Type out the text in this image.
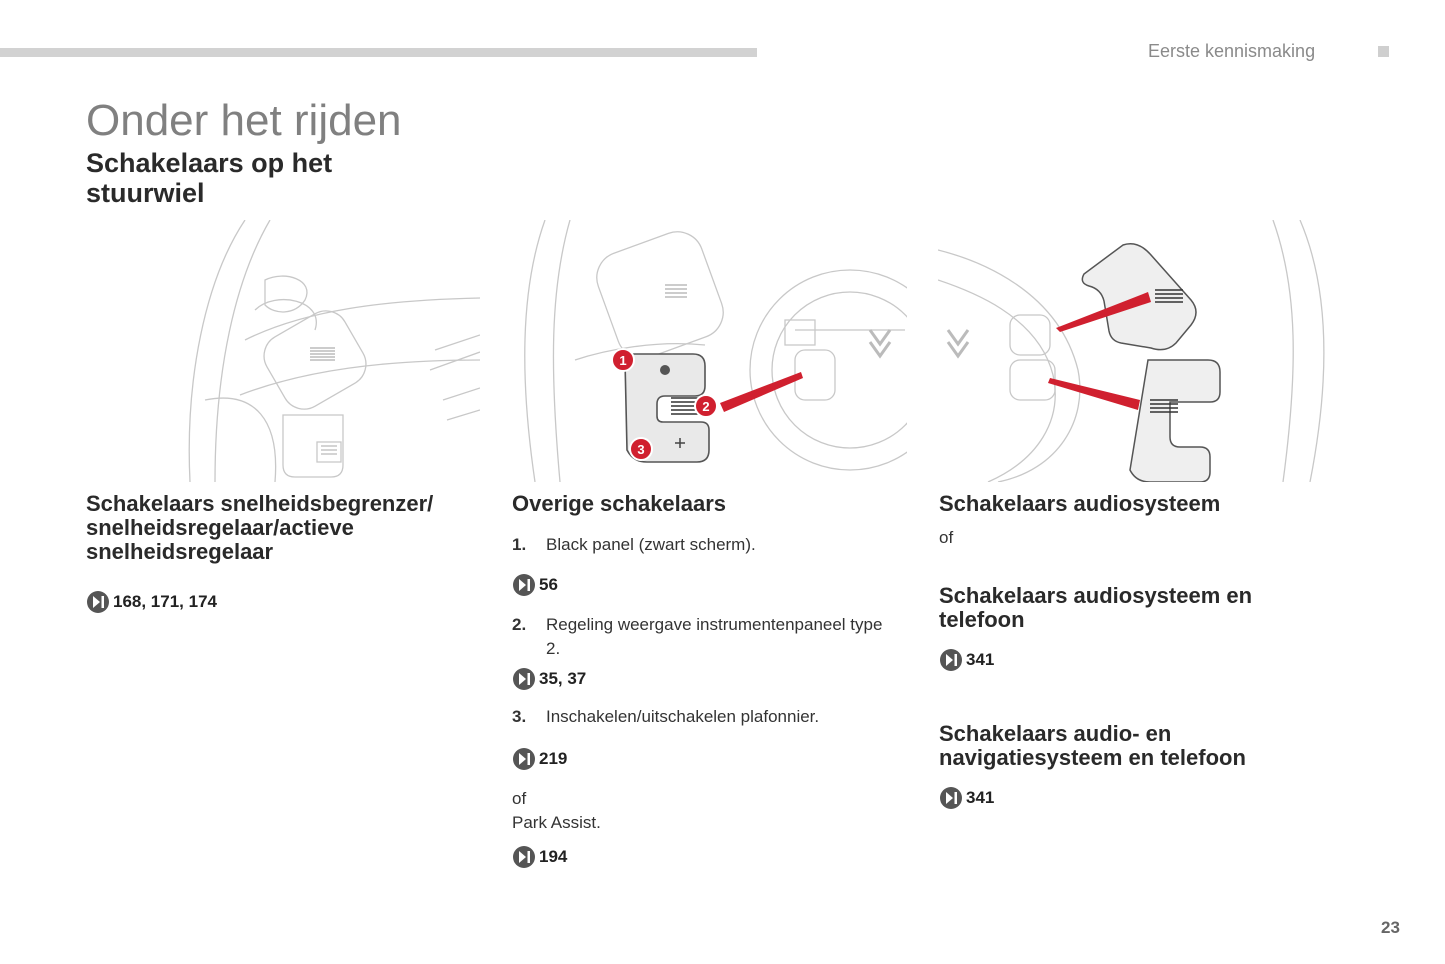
Eerste kennismaking
Onder het rijden
Schakelaars op het stuurwiel
1
2
3
Schakelaars snelheidsbegrenzer/ snelheidsregelaar/actieve snelheidsregelaar
168, 171, 174
Overige schakelaars
1.	Black panel (zwart scherm).
56
2.	Regeling weergave instrumentenpaneel type 2.
35, 37
3.	Inschakelen/uitschakelen plafonnier.
219
of
Park Assist.
194
Schakelaars audiosysteem
of
Schakelaars audiosysteem en telefoon
341
Schakelaars audio- en navigatiesysteem en telefoon
341
23
